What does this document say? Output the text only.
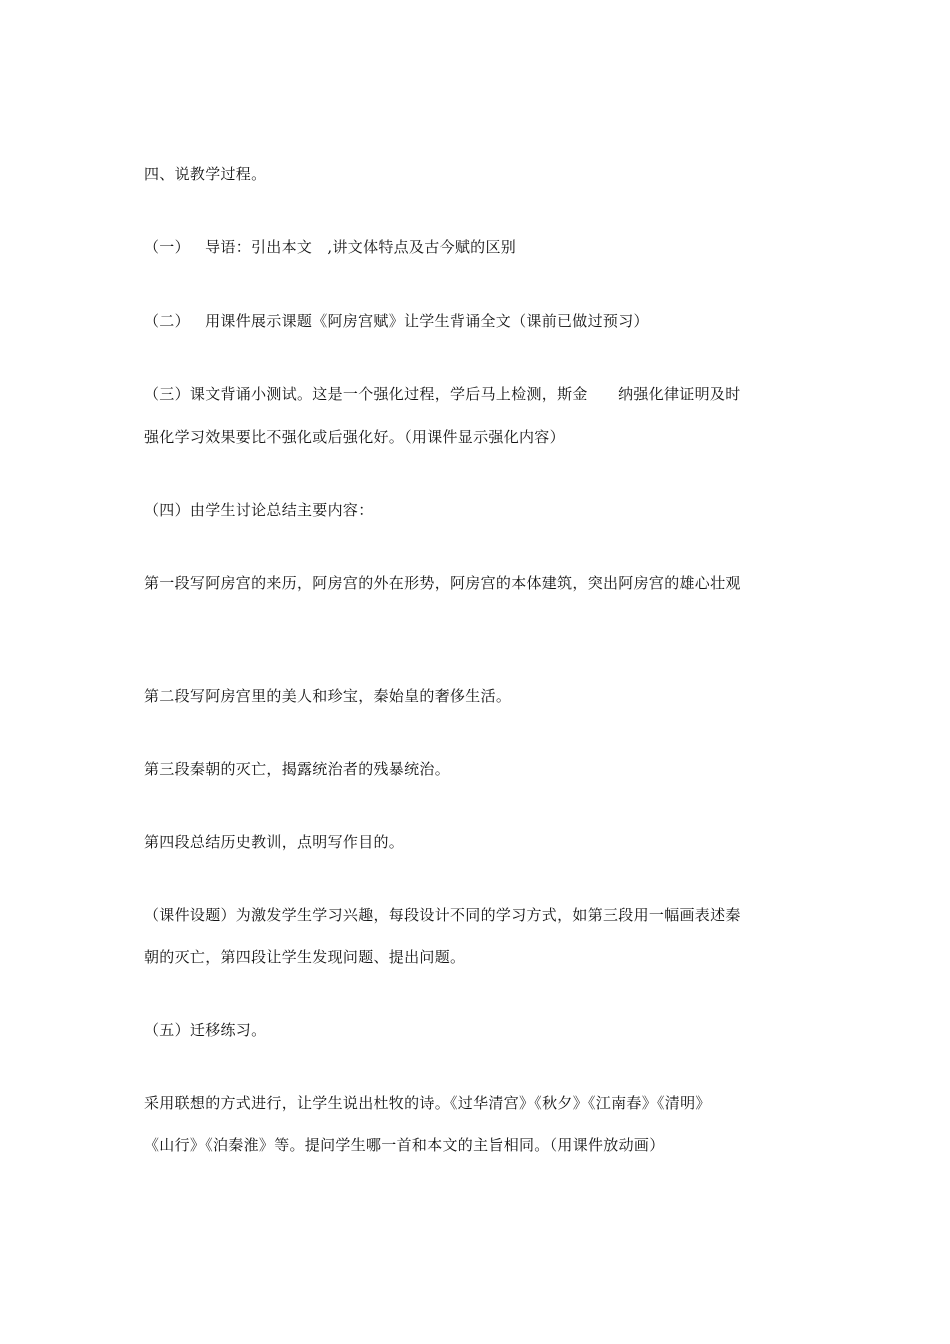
四、说教学过程。
（一）   导语：引出本文   ,讲文体特点及古今赋的区别
（二）   用课件展示课题《阿房宫赋》让学生背诵全文（课前已做过预习）
（三）课文背诵小测试。这是一个强化过程，学后马上检测，斯金      纳强化律证明及时
强化学习效果要比不强化或后强化好。（用课件显示强化内容）
（四）由学生讨论总结主要内容：
第一段写阿房宫的来历，阿房宫的外在形势，阿房宫的本体建筑，突出阿房宫的雄心壮观
第二段写阿房宫里的美人和珍宝，秦始皇的奢侈生活。
第三段秦朝的灭亡，揭露统治者的残暴统治。
第四段总结历史教训，点明写作目的。
（课件设题）为激发学生学习兴趣，每段设计不同的学习方式，如第三段用一幅画表述秦
朝的灭亡，第四段让学生发现问题、提出问题。
（五）迁移练习。
采用联想的方式进行，让学生说出杜牧的诗。《过华清宫》《秋夕》《江南春》《清明》
《山行》《泊秦淮》等。提问学生哪一首和本文的主旨相同。（用课件放动画）
